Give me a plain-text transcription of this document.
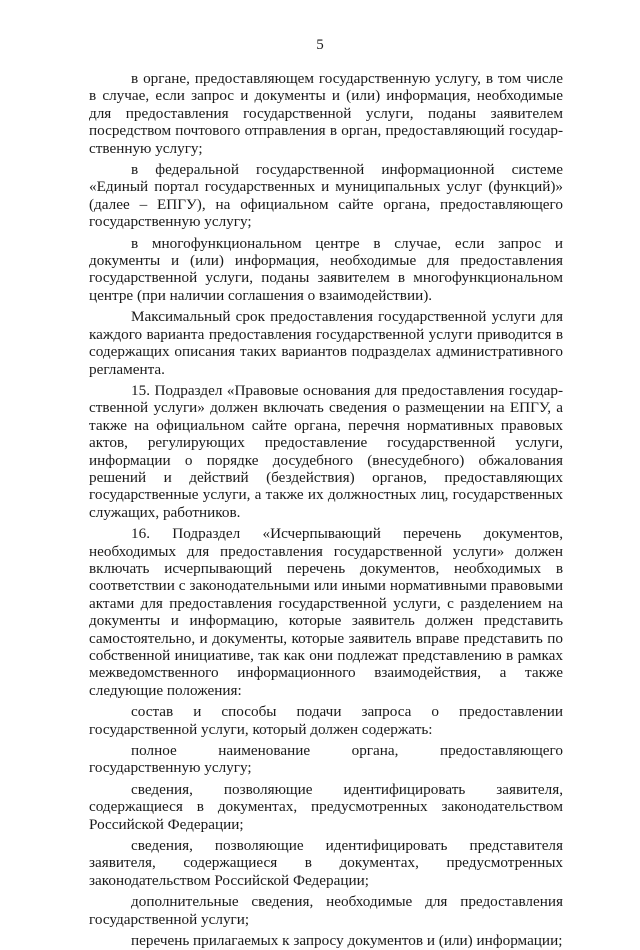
5

в органе, предоставляющем государственную услугу, в том числе в случае, если запрос и документы и (или) информация, необходимые для предоставления государственной услуги, поданы заявителем посредством почтового отправления в орган, предоставляющий государственную услугу;

в федеральной государственной информационной системе «Единый портал государственных и муниципальных услуг (функций)» (далее – ЕПГУ), на официальном сайте органа, предоставляющего государственную услугу;

в многофункциональном центре в случае, если запрос и документы и (или) информация, необходимые для предоставления государственной услуги, поданы заявителем в многофункциональном центре (при наличии соглашения о взаимодействии).

Максимальный срок предоставления государственной услуги для каждого варианта предоставления государственной услуги приводится в содержащих описания таких вариантов подразделах административного регламента.

15. Подраздел «Правовые основания для предоставления государственной услуги» должен включать сведения о размещении на ЕПГУ, а также на официальном сайте органа, перечня нормативных правовых актов, регулирующих предоставление государственной услуги, информации о порядке досудебного (внесудебного) обжалования решений и действий (бездействия) органов, предоставляющих государственные услуги, а также их должностных лиц, государственных служащих, работников.

16. Подраздел «Исчерпывающий перечень документов, необходимых для предоставления государственной услуги» должен включать исчерпывающий перечень документов, необходимых в соответствии с законодательными или иными нормативными правовыми актами для предоставления государственной услуги, с разделением на документы и информацию, которые заявитель должен представить самостоятельно, и документы, которые заявитель вправе представить по собственной инициативе, так как они подлежат представлению в рамках межведомственного информационного взаимодействия, а также следующие положения:

состав и способы подачи запроса о предоставлении государственной услуги, который должен содержать:

полное наименование органа, предоставляющего государственную услугу;

сведения, позволяющие идентифицировать заявителя, содержащиеся в документах, предусмотренных законодательством Российской Федерации;

сведения, позволяющие идентифицировать представителя заявителя, содержащиеся в документах, предусмотренных законодательством Российской Федерации;

дополнительные сведения, необходимые для предоставления государственной услуги;

перечень прилагаемых к запросу документов и (или) информации;
